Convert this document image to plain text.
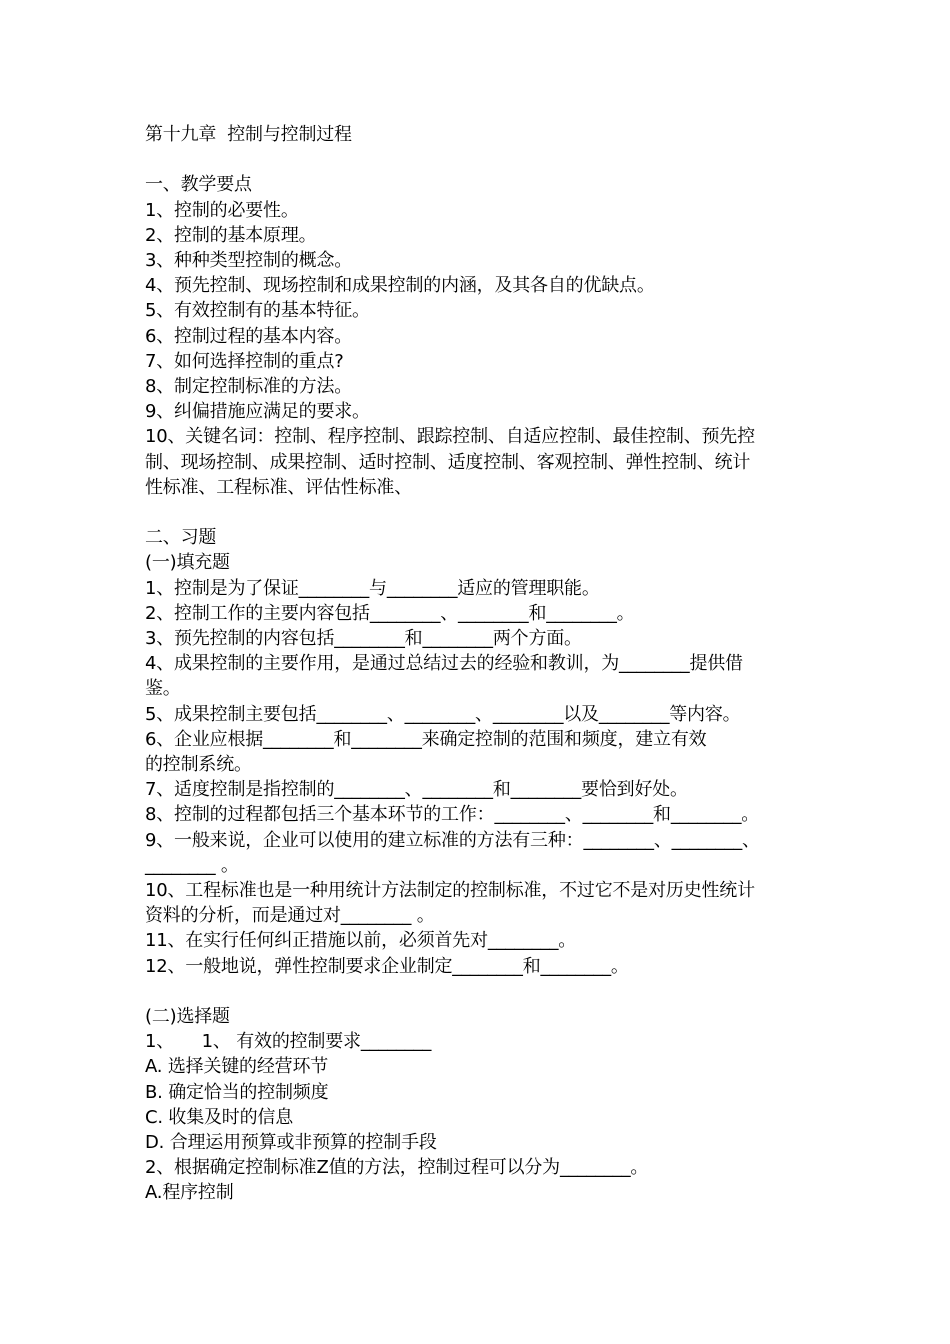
第十九章  控制与控制过程
一、教学要点
1、控制的必要性。
2、控制的基本原理。
3、种种类型控制的概念。
4、预先控制、现场控制和成果控制的内涵，及其各自的优缺点。
5、有效控制有的基本特征。
6、控制过程的基本内容。
7、如何选择控制的重点?
8、制定控制标准的方法。
9、纠偏措施应满足的要求。
10、关键名词：控制、程序控制、跟踪控制、自适应控制、最佳控制、预先控
制、现场控制、成果控制、适时控制、适度控制、客观控制、弹性控制、统计
性标准、工程标准、评估性标准、
二、习题
(一)填充题
1、控制是为了保证________与________适应的管理职能。
2、控制工作的主要内容包括________、________和________。
3、预先控制的内容包括________和________两个方面。
4、成果控制的主要作用，是通过总结过去的经验和教训，为________提供借
鉴。
5、成果控制主要包括________、________、________以及________等内容。
6、企业应根据________和________来确定控制的范围和频度，建立有效
的控制系统。
7、适度控制是指控制的________、________和________要恰到好处。
8、控制的过程都包括三个基本环节的工作：________、________和________。
9、一般来说，企业可以使用的建立标准的方法有三种：________、________、
________ 。
10、工程标准也是一种用统计方法制定的控制标准，不过它不是对历史性统计
资料的分析，而是通过对________ 。
11、在实行任何纠正措施以前，必须首先对________。
12、一般地说，弹性控制要求企业制定________和________。
(二)选择题
1、     1、 有效的控制要求________
A. 选择关键的经营环节
B. 确定恰当的控制频度
C. 收集及时的信息
D. 合理运用预算或非预算的控制手段
2、根据确定控制标准Z值的方法，控制过程可以分为________。
A.程序控制
